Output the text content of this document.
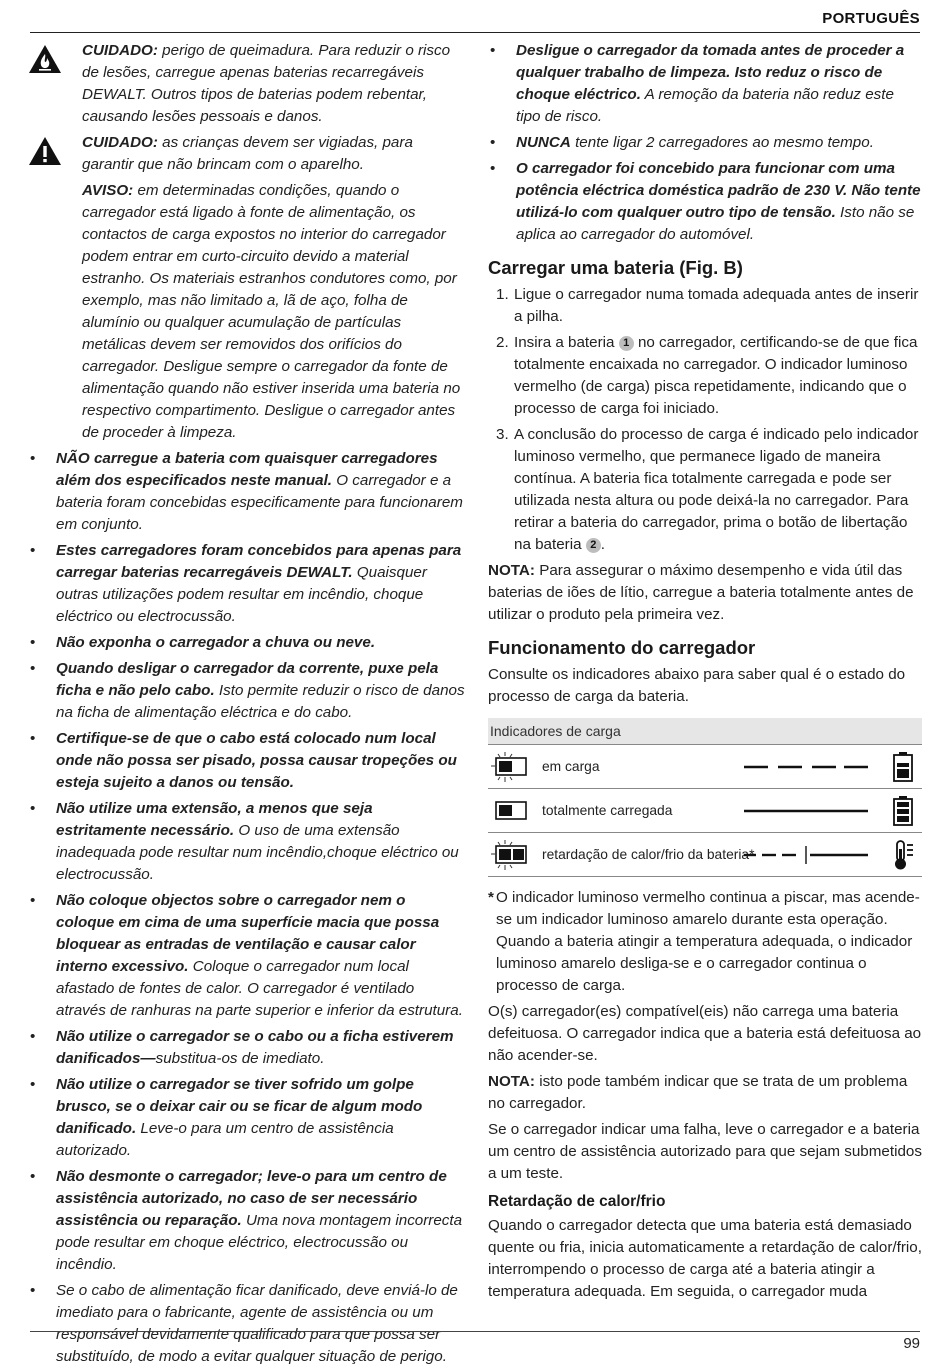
PORTUGUÊS
CUIDADO: perigo de queimadura. Para reduzir o risco de lesões, carregue apenas baterias recarregáveis DEWALT. Outros tipos de baterias podem rebentar, causando lesões pessoais e danos.
CUIDADO: as crianças devem ser vigiadas, para garantir que não brincam com o aparelho.
AVISO: em determinadas condições, quando o carregador está ligado à fonte de alimentação, os contactos de carga expostos no interior do carregador podem entrar em curto-circuito devido a material estranho. Os materiais estranhos condutores como, por exemplo, mas não limitado a, lã de aço, folha de alumínio ou qualquer acumulação de partículas metálicas devem ser removidos dos orifícios do carregador. Desligue sempre o carregador da fonte de alimentação quando não estiver inserida uma bateria no respectivo compartimento. Desligue o carregador antes de proceder à limpeza.
• NÃO carregue a bateria com quaisquer carregadores além dos especificados neste manual. O carregador e a bateria foram concebidas especificamente para funcionarem em conjunto.
• Estes carregadores foram concebidos para apenas para carregar baterias recarregáveis DEWALT. Quaisquer outras utilizações podem resultar em incêndio, choque eléctrico ou electrocussão.
• Não exponha o carregador a chuva ou neve.
• Quando desligar o carregador da corrente, puxe pela ficha e não pelo cabo. Isto permite reduzir o risco de danos na ficha de alimentação eléctrica e do cabo.
• Certifique-se de que o cabo está colocado num local onde não possa ser pisado, possa causar tropeções ou esteja sujeito a danos ou tensão.
• Não utilize uma extensão, a menos que seja estritamente necessário. O uso de uma extensão inadequada pode resultar num incêndio,choque eléctrico ou electrocussão.
• Não coloque objectos sobre o carregador nem o coloque em cima de uma superfície macia que possa bloquear as entradas de ventilação e causar calor interno excessivo. Coloque o carregador num local afastado de fontes de calor. O carregador é ventilado através de ranhuras na parte superior e inferior da estrutura.
• Não utilize o carregador se o cabo ou a ficha estiverem danificados—substitua-os de imediato.
• Não utilize o carregador se tiver sofrido um golpe brusco, se o deixar cair ou se ficar de algum modo danificado. Leve-o para um centro de assistência autorizado.
• Não desmonte o carregador; leve-o para um centro de assistência autorizado, no caso de ser necessário assistência ou reparação. Uma nova montagem incorrecta pode resultar em choque eléctrico, electrocussão ou incêndio.
• Se o cabo de alimentação ficar danificado, deve enviá-lo de imediato para o fabricante, agente de assistência ou um responsável devidamente qualificado para que possa ser substituído, de modo a evitar qualquer situação de perigo.
• Desligue o carregador da tomada antes de proceder a qualquer trabalho de limpeza. Isto reduz o risco de choque eléctrico. A remoção da bateria não reduz este tipo de risco.
• NUNCA tente ligar 2 carregadores ao mesmo tempo.
• O carregador foi concebido para funcionar com uma potência eléctrica doméstica padrão de 230 V. Não tente utilizá-lo com qualquer outro tipo de tensão. Isto não se aplica ao carregador do automóvel.
Carregar uma bateria (Fig. B)
1. Ligue o carregador numa tomada adequada antes de inserir a pilha.
2. Insira a bateria 1 no carregador, certificando-se de que fica totalmente encaixada no carregador. O indicador luminoso vermelho (de carga) pisca repetidamente, indicando que o processo de carga foi iniciado.
3. A conclusão do processo de carga é indicado pelo indicador luminoso vermelho, que permanece ligado de maneira contínua. A bateria fica totalmente carregada e pode ser utilizada nesta altura ou pode deixá-la no carregador. Para retirar a bateria do carregador, prima o botão de libertação na bateria 2 .

NOTA: Para assegurar o máximo desempenho e vida útil das baterias de iões de lítio, carregue a bateria totalmente antes de utilizar o produto pela primeira vez.

Funcionamento do carregador

Consulte os indicadores abaixo para saber qual é o estado do processo de carga da bateria.

Indicadores de carga
em carga
totalmente carregada
retardação de calor/frio da bateria*

* O indicador luminoso vermelho continua a piscar, mas acende-se um indicador luminoso amarelo durante esta operação. Quando a bateria atingir a temperatura adequada, o indicador luminoso amarelo desliga-se e o carregador continua o processo de carga.

O(s) carregador(es) compatível(eis) não carrega uma bateria defeituosa. O carregador indica que a bateria está defeituosa ao não acender-se.

NOTA: isto pode também indicar que se trata de um problema no carregador.

Se o carregador indicar uma falha, leve o carregador e a bateria um centro de assistência autorizado para que sejam submetidos a um teste.

Retardação de calor/frio

Quando o carregador detecta que uma bateria está demasiado quente ou fria, inicia automaticamente a retardação de calor/frio, interrompendo o processo de carga até a bateria atingir a temperatura adequada. Em seguida, o carregador muda

99
